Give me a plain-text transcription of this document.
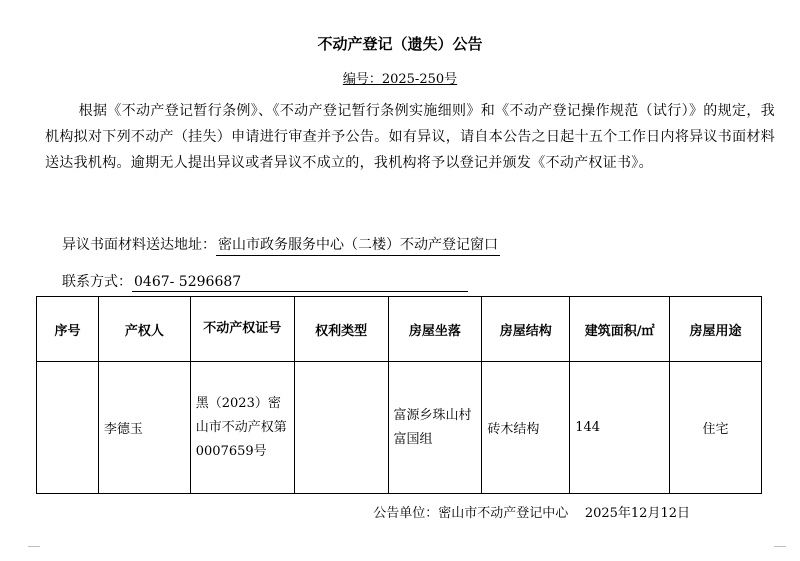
不动产登记（遗失）公告
编号：2025-250号
根据《不动产登记暂行条例》、《不动产登记暂行条例实施细则》和《不动产登记操作规范（试行）》的规定，我机构拟对下列不动产（挂失）申请进行审查并予公告。如有异议，请自本公告之日起十五个工作日内将异议书面材料送达我机构。逾期无人提出异议或者异议不成立的，我机构将予以登记并颁发《不动产权证书》。
异议书面材料送达地址： 密山市政务服务中心（二楼）不动产登记窗口
联系方式： 0467- 5296687
序号	产权人	不动产权证号	权利类型	房屋坐落	房屋结构	建筑面积/㎡	房屋用途
	李德玉	黑（2023）密山市不动产权第0007659号		富源乡珠山村富国组	砖木结构	144	住宅
公告单位：密山市不动产登记中心 2025年12月12日
